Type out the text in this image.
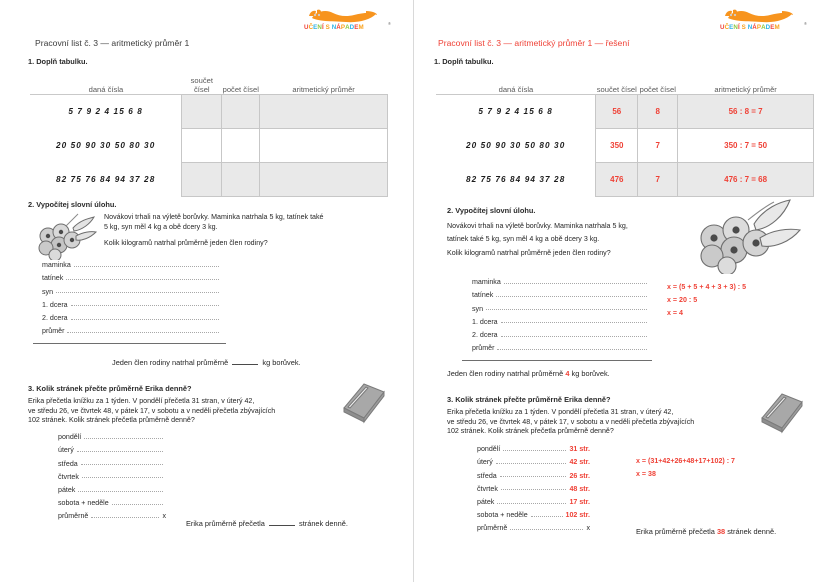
UČENÍ S NÁPADEM
®
Pracovní list č. 3 — aritmetický průměr 1
1. Doplň tabulku.
daná čísla	součet čísel	počet čísel	aritmetický průměr
5 7 9 2 4 15 6 8			
20 50 90 30 50 80 30			
82 75 76 84 94 37 28			
2. Vypočítej slovní úlohu.
Novákovi trhali na výletě borůvky. Maminka natrhala 5 kg, tatínek také
5 kg, syn měl 4 kg a obě dcery 3 kg.
Kolik kilogramů natrhal průměrně jeden člen rodiny?
maminka
tatínek
syn
1. dcera
2. dcera
průměr
Jeden člen rodiny natrhal průměrně	kg borůvek.
3. Kolik stránek přečte průměrně Erika denně?
Erika přečetla knížku za 1 týden. V pondělí přečetla 31 stran, v úterý 42,
ve středu 26, ve čtvrtek 48, v pátek 17, v sobotu a v neděli přečetla zbývajících
102 stránek. Kolik stránek přečetla průměrně denně?
pondělí
úterý
středa
čtvrtek
pátek
sobota + neděle
průměrně	x
Erika průměrně přečetla	stránek denně.
UČENÍ S NÁPADEM
®
Pracovní list č. 3 — aritmetický průměr 1 — řešení
1. Doplň tabulku.
daná čísla	součet čísel	počet čísel	aritmetický průměr
5 7 9 2 4 15 6 8	56	8	56 : 8 = 7
20 50 90 30 50 80 30	350	7	350 : 7 = 50
82 75 76 84 94 37 28	476	7	476 : 7 = 68
2. Vypočítej slovní úlohu.
Novákovi trhali na výletě borůvky. Maminka natrhala 5 kg,
tatínek také 5 kg, syn měl 4 kg a obě dcery 3 kg.
Kolik kilogramů natrhal průměrně jeden člen rodiny?
maminka
tatínek
syn
1. dcera
2. dcera
průměr
x = (5 + 5 + 4 + 3 + 3) : 5
x = 20 : 5
x = 4
Jeden člen rodiny natrhal průměrně 4 kg borůvek.
3. Kolik stránek přečte průměrně Erika denně?
Erika přečetla knížku za 1 týden. V pondělí přečetla 31 stran, v úterý 42,
ve středu 26, ve čtvrtek 48, v pátek 17, v sobotu a v neděli přečetla zbývajících
102 stránek. Kolik stránek přečetla průměrně denně?
pondělí	31 str.
úterý	42 str.
středa	26 str.
čtvrtek	48 str.
pátek	17 str.
sobota + neděle	102 str.
průměrně	x
x = (31+42+26+48+17+102) : 7
x = 38
Erika průměrně přečetla 38 stránek denně.
